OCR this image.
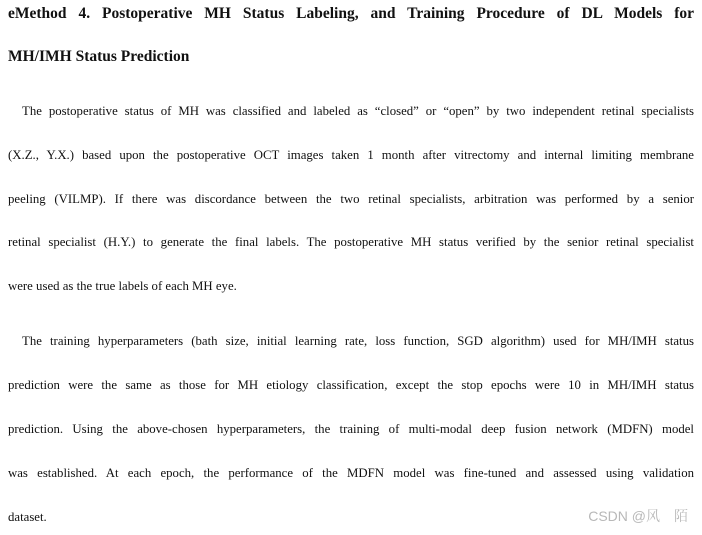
eMethod 4. Postoperative MH Status Labeling, and Training Procedure of DL Models for
MH/IMH Status Prediction
The postoperative status of MH was classified and labeled as “closed” or “open” by two independent retinal specialists
(X.Z., Y.X.) based upon the postoperative OCT images taken 1 month after vitrectomy and internal limiting membrane
peeling (VILMP). If there was discordance between the two retinal specialists, arbitration was performed by a senior
retinal specialist (H.Y.) to generate the final labels. The postoperative MH status verified by the senior retinal specialist
were used as the true labels of each MH eye.
The training hyperparameters (bath size, initial learning rate, loss function, SGD algorithm) used for MH/IMH status
prediction were the same as those for MH etiology classification, except the stop epochs were 10 in MH/IMH status
prediction. Using the above-chosen hyperparameters, the training of multi-modal deep fusion network (MDFN) model
was established. At each epoch, the performance of the MDFN model was fine-tuned and assessed using validation
dataset.	CSDN @风　陌
